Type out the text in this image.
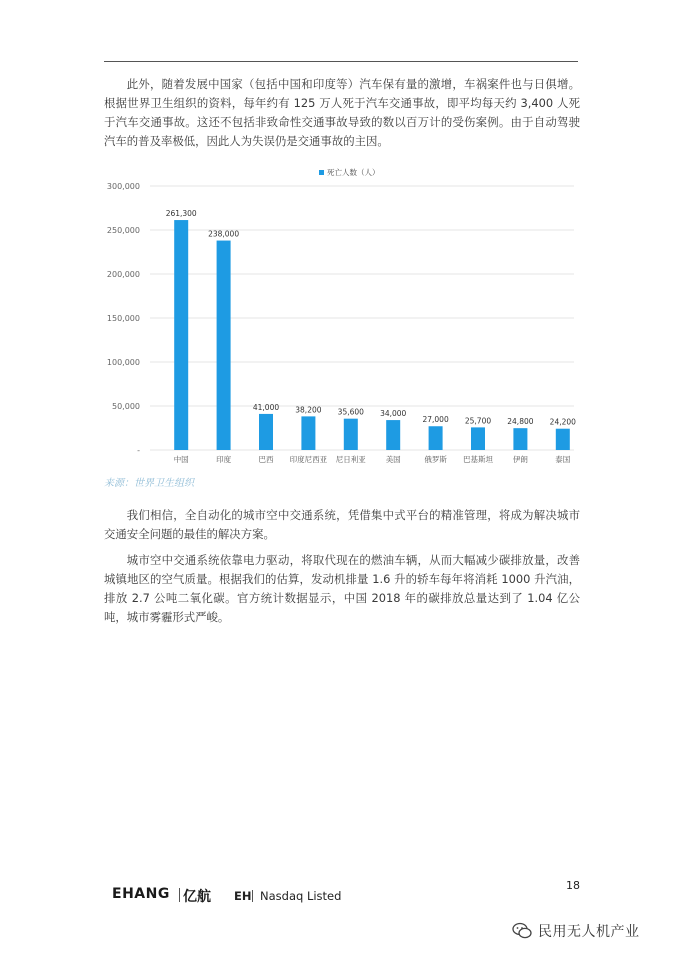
此外，随着发展中国家（包括中国和印度等）汽车保有量的激增，车祸案件也与日俱增。根据世界卫生组织的资料，每年约有 125 万人死于汽车交通事故，即平均每天约 3,400 人死于汽车交通事故。这还不包括非致命性交通事故导致的数以百万计的受伤案例。由于自动驾驶汽车的普及率极低，因此人为失误仍是交通事故的主因。

-
50,000
100,000
150,000
200,000
250,000
300,000
261,300
238,000
41,000 38,200 35,600 34,000
27,000 25,700 24,800 24,200
中国	印度	巴西 印度尼西亚 尼日利亚	美国	俄罗斯 巴基斯坦	伊朗	泰国
死亡人数（人）
来源：世界卫生组织

我们相信，全自动化的城市空中交通系统，凭借集中式平台的精准管理，将成为解决城市交通安全问题的最佳的解决方案。

城市空中交通系统依靠电力驱动，将取代现在的燃油车辆，从而大幅减少碳排放量，改善城镇地区的空气质量。根据我们的估算，发动机排量 1.6 升的轿车每年将消耗 1000 升汽油，排放 2.7 公吨二氧化碳。官方统计数据显示，中国 2018 年的碳排放总量达到了 1.04 亿公吨，城市雾霾形式严峻。

EHANG 亿航 EH Nasdaq Listed
18
民用无人机产业
